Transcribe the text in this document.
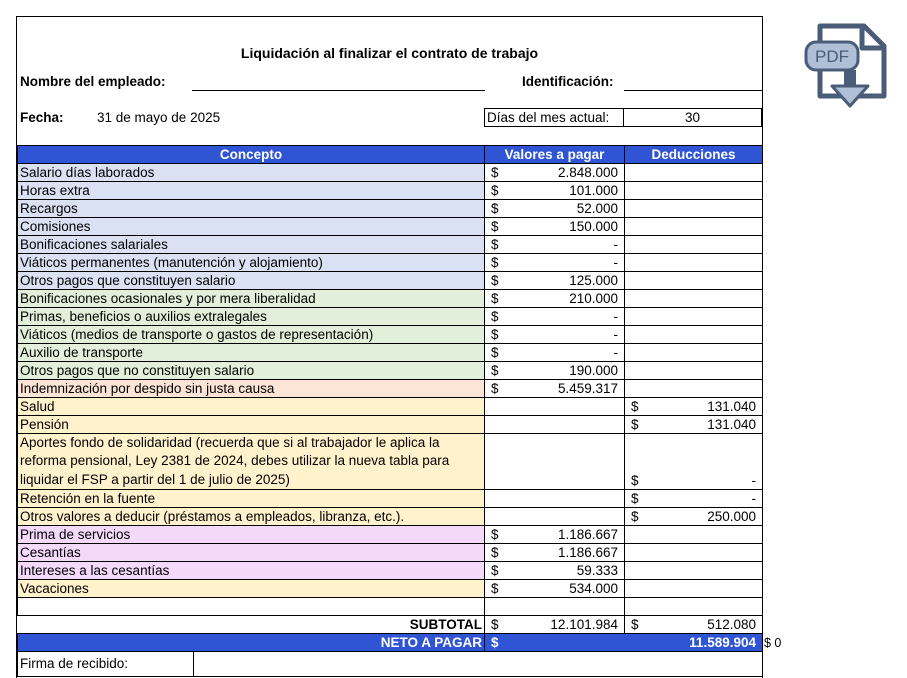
Liquidación al finalizar el contrato de trabajo
Nombre del empleado:	Identificación:
Fecha: 31 de mayo de 2025	Días del mes actual:	30
Concepto	Valores a pagar	Deducciones
Salario días laborados	$ 2.848.000	

Horas extra	$ 101.000	

Recargos	$ 52.000	

Comisiones	$ 150.000	

Bonificaciones salariales	$ -	

Viáticos permanentes (manutención y alojamiento)	$ -	

Otros pagos que constituyen salario	$ 125.000	

Bonificaciones ocasionales y por mera liberalidad	$ 210.000	

Primas, beneficios o auxilios extralegales	$ -	

Viáticos (medios de transporte o gastos de representación)	$ -	

Auxilio de transporte	$ -	

Otros pagos que no constituyen salario	$ 190.000	

Indemnización por despido sin justa causa	$ 5.459.317	

Salud		$ 131.040

Pensión		$ 131.040

Aportes fondo de solidaridad (recuerda que si al trabajador le aplica la reforma pensional, Ley 2381 de 2024, debes utilizar la nueva tabla para liquidar el FSP a partir del 1 de julio de 2025)		$ -

Retención en la fuente		$ -

Otros valores a deducir (préstamos a empleados, libranza, etc.).		$ 250.000

Prima de servicios	$ 1.186.667	

Cesantías	$ 1.186.667	

Intereses a las cesantías	$ 59.333	

Vacaciones	$ 534.000	

SUBTOTAL	$ 12.101.984	$ 512.080

NETO A PAGAR	$ 11.589.904	

Firma de recibido:		

$ 0
PDF
